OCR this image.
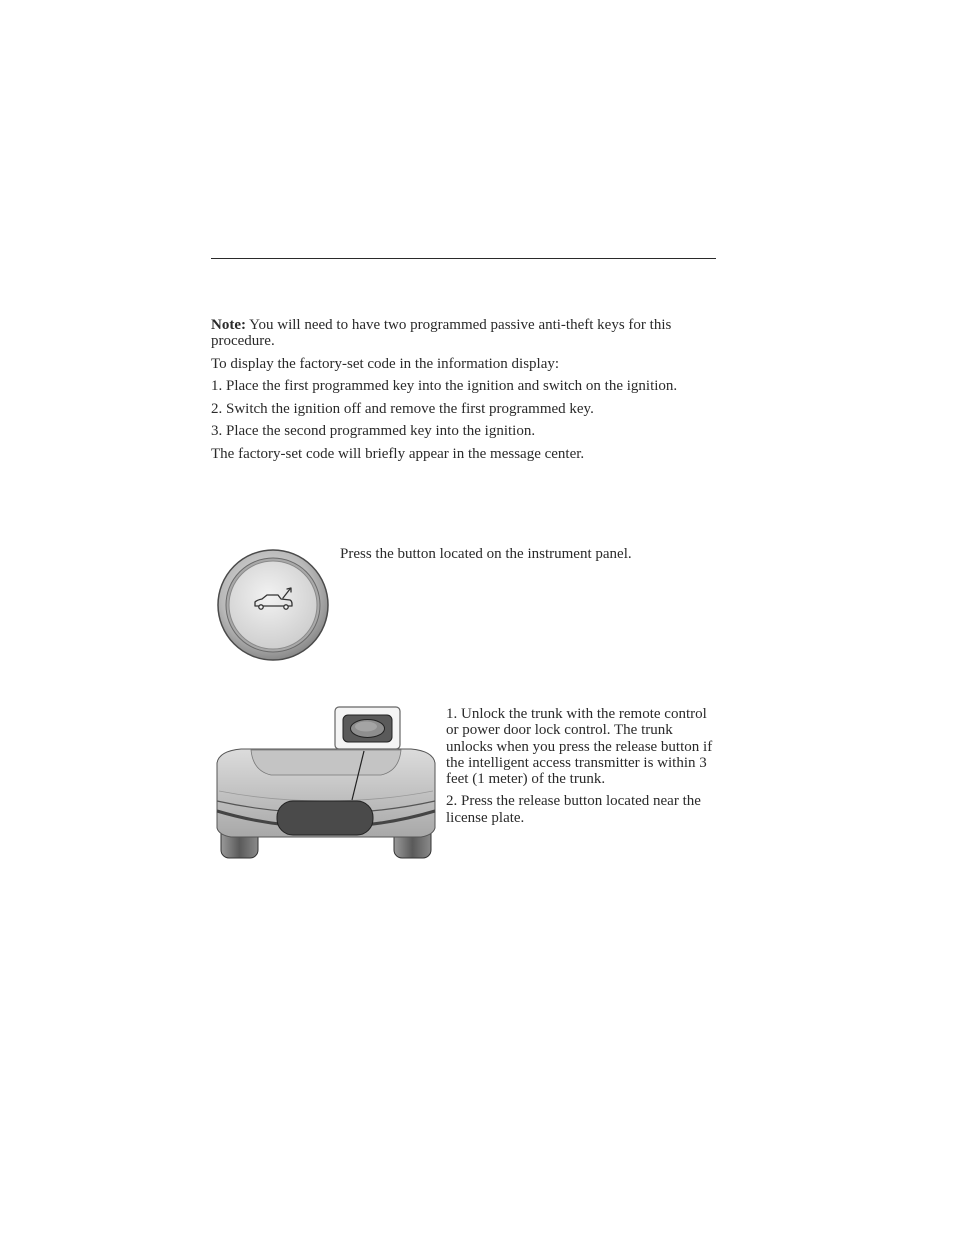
Note: You will need to have two programmed passive anti-theft keys for this procedure.

To display the factory-set code in the information display:

1. Place the first programmed key into the ignition and switch on the ignition.

2. Switch the ignition off and remove the first programmed key.

3. Place the second programmed key into the ignition.

The factory-set code will briefly appear in the message center.

Press the button located on the instrument panel.

1. Unlock the trunk with the remote control or power door lock control. The trunk unlocks when you press the release button if the intelligent access transmitter is within 3 feet (1 meter) of the trunk.

2. Press the release button located near the license plate.
